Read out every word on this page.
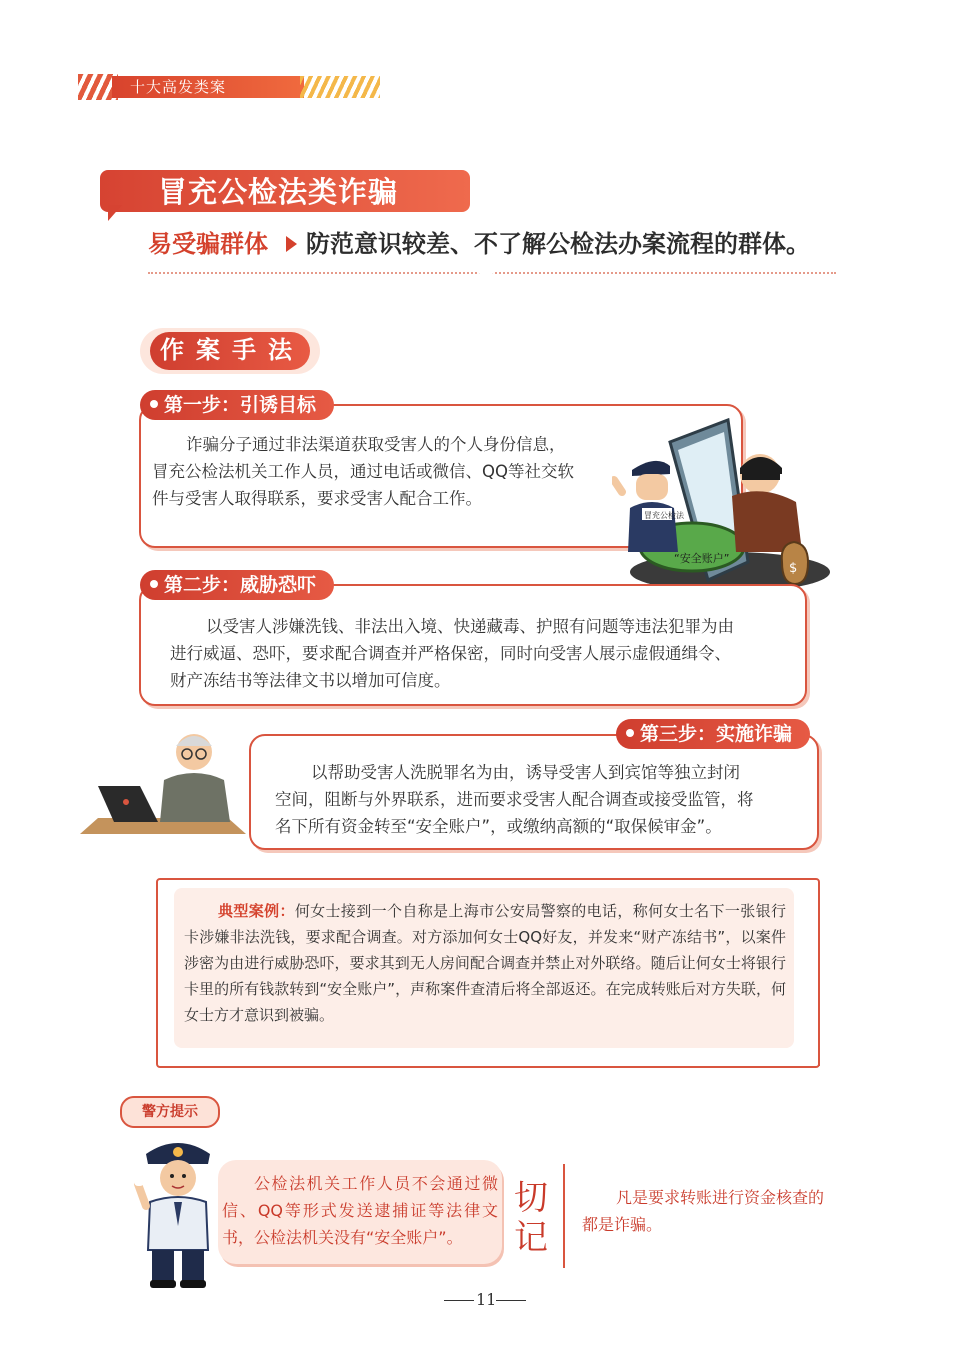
十大高发类案
冒充公检法类诈骗
易受骗群体 防范意识较差、不了解公检法办案流程的群体。
作案手法
第一步：引诱目标
诈骗分子通过非法渠道获取受害人的个人身份信息，
冒充公检法机关工作人员，通过电话或微信、QQ等社交软
件与受害人取得联系，要求受害人配合工作。
“安全账户”
冒充公检法
$
第二步：威胁恐吓
以受害人涉嫌洗钱、非法出入境、快递藏毒、护照有问题等违法犯罪为由
进行威逼、恐吓，要求配合调查并严格保密，同时向受害人展示虚假通缉令、
财产冻结书等法律文书以增加可信度。
第三步：实施诈骗
以帮助受害人洗脱罪名为由，诱导受害人到宾馆等独立封闭
空间，阻断与外界联系，进而要求受害人配合调查或接受监管，将
名下所有资金转至“安全账户”，或缴纳高额的“取保候审金”。
典型案例：何女士接到一个自称是上海市公安局警察的电话，称何女士名下一张银行卡涉嫌非法洗钱，要求配合调查。对方添加何女士QQ好友，并发来“财产冻结书”，以案件涉密为由进行威胁恐吓，要求其到无人房间配合调查并禁止对外联络。随后让何女士将银行卡里的所有钱款转到“安全账户”，声称案件查清后将全部返还。在完成转账后对方失联，何女士方才意识到被骗。
警方提示
公检法机关工作人员不会通过微信、QQ等形式发送逮捕证等法律文书，公检法机关没有“安全账户”。
切记
凡是要求转账进行资金核查的都是诈骗。
11
